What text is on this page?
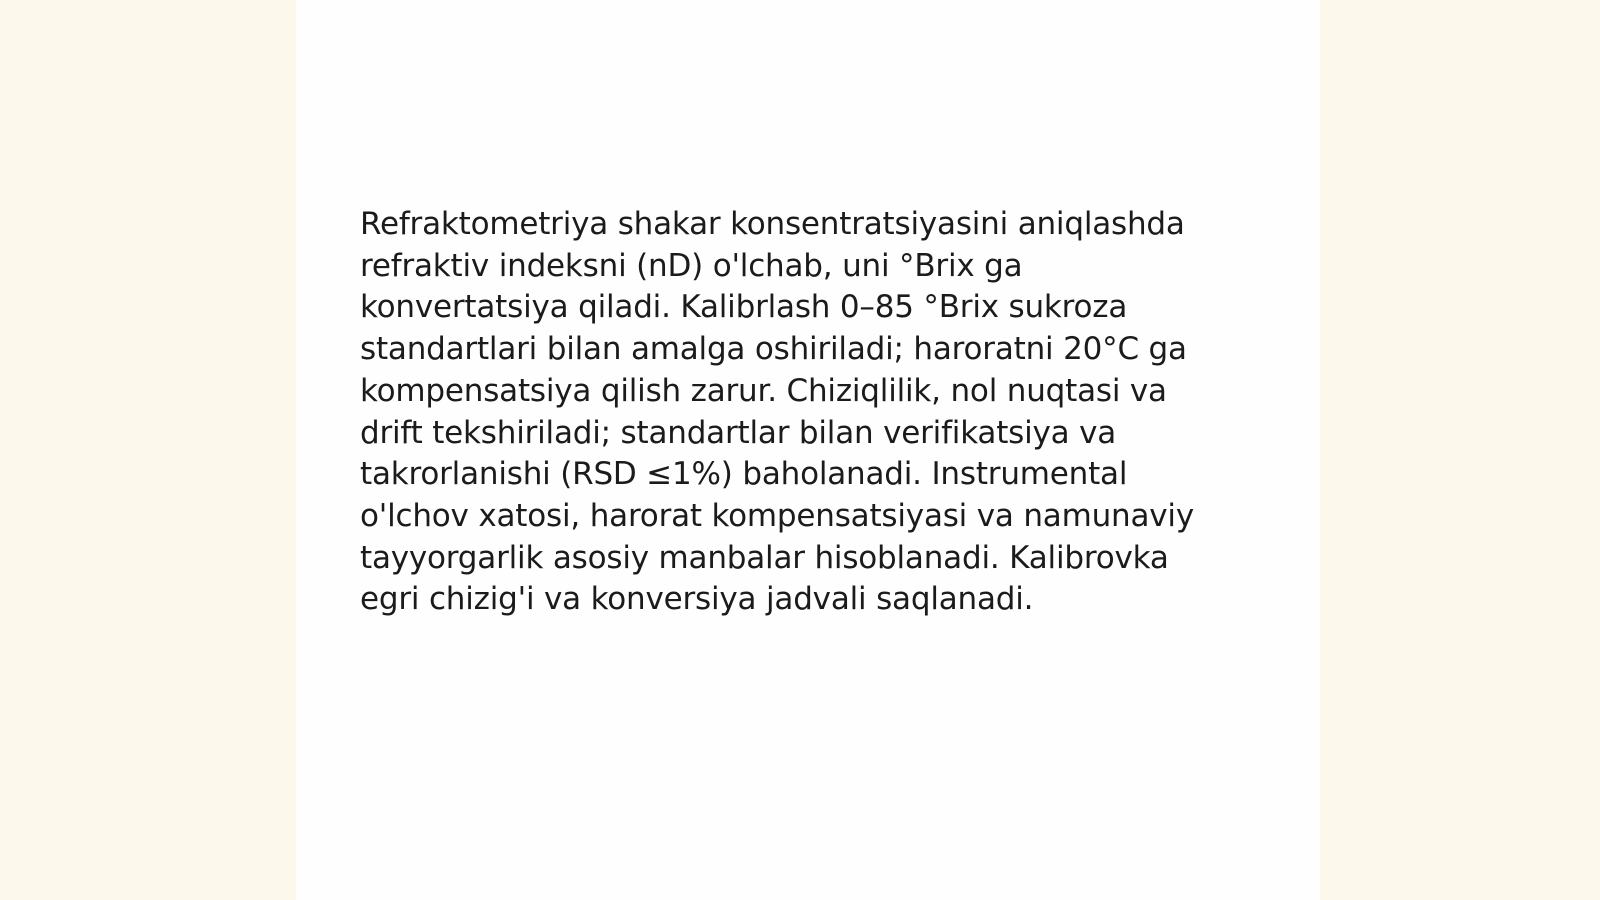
Refraktometriya shakar konsentratsiyasini aniqlashda
refraktiv indeksni (nD) o'lchab, uni °Brix ga
konvertatsiya qiladi. Kalibrlash 0–85 °Brix sukroza
standartlari bilan amalga oshiriladi; haroratni 20°C ga
kompensatsiya qilish zarur. Chiziqlilik, nol nuqtasi va
drift tekshiriladi; standartlar bilan verifikatsiya va
takrorlanishi (RSD ≤1%) baholanadi. Instrumental
o'lchov xatosi, harorat kompensatsiyasi va namunaviy
tayyorgarlik asosiy manbalar hisoblanadi. Kalibrovka
egri chizig'i va konversiya jadvali saqlanadi.
